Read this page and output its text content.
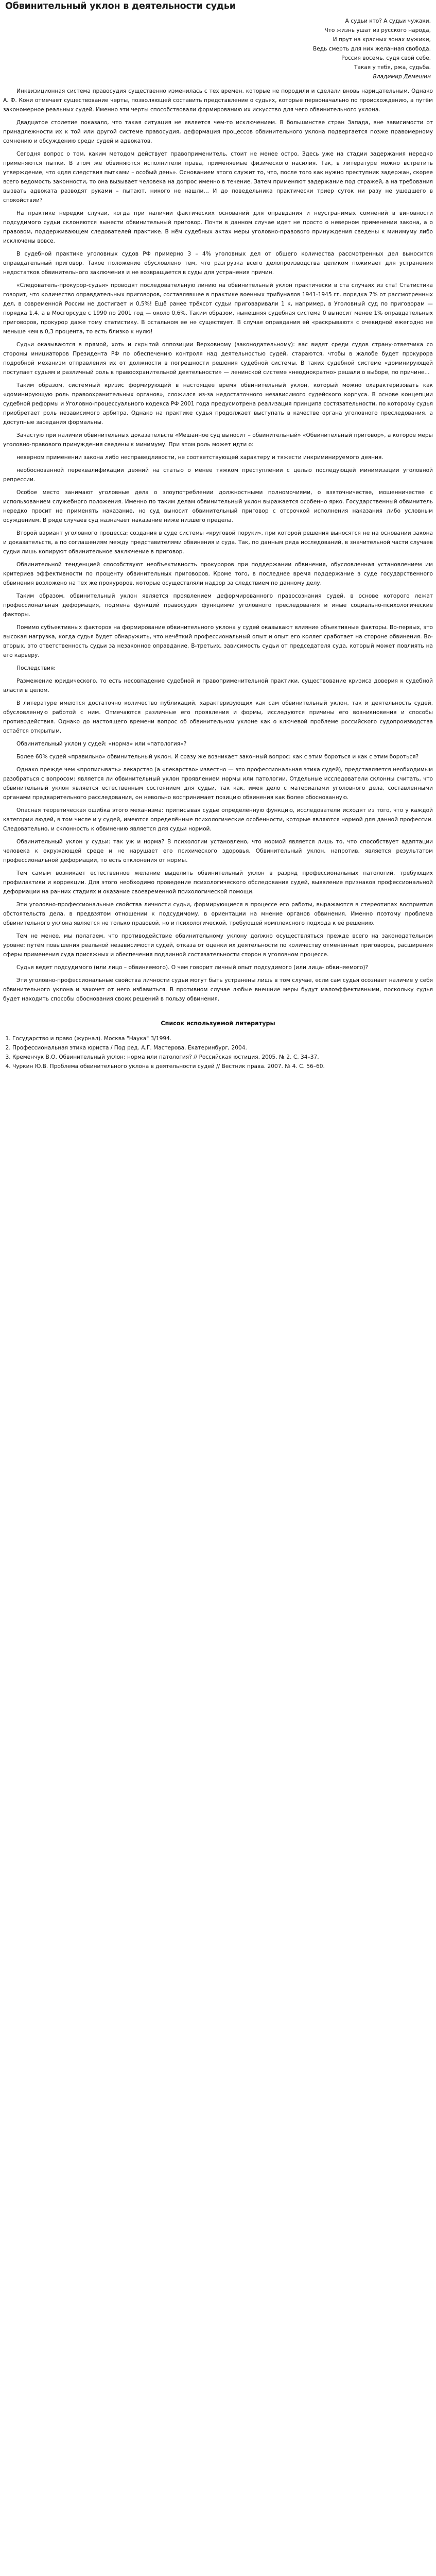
Обвинительный уклон в деятельности судьи
А судьи кто? А судьи чужаки,
Что жизнь ушат из русского народа,
И прут на красных зонах мужики,
Ведь смерть для них желанная свобода.
Россия восемь, судя свой себе,
Такая у тебя, ржа, судьба.
Владимир Демешин

Инквизиционная система правосудия существенно изменилась с тех времен, которые не породили и сделали вновь нарицательным. Однако А. Ф. Кони отмечает существование черты, позволяющей составить представление о судьях, которые первоначально по происхождению, а путём закономерное реальных судей. Именно эти черты способствовали формированию их искусство для чего обвинительного уклона.

Двадцатое столетие показало, что такая ситуация не является чем-то исключением. В большинстве стран Запада, вне зависимости от принадлежности их к той или другой системе правосудия, деформация процессов обвинительного уклона подвергается позже правомерному сомнению и обсуждению среди судей и адвокатов.

Сегодня вопрос о том, каким методом действует правоприменитель, стоит не менее остро. Здесь уже на стадии задержания нередко применяются пытки. В этом же обвиняются исполнители права, применяемые физического насилия. Так, в литературе можно встретить утверждение, что «для следствия пытками – особый день». Основанием этого служит то, что, после того как нужно преступник задержан, скорее всего ведомость законности, то она вызывает человека на допрос именно в течение. Затем применяют задержание под стражей, а на требования вызвать адвоката разводят руками – пытают, никого не нашли… И до поведельника практически триер суток ни разу не ушедшего в спокойствии?

На практике нередки случаи, когда при наличии фактических оснований для оправдания и неустранимых сомнений в виновности подсудимого судьи склоняются вынести обвинительный приговор. Почти в данном случае идет не просто о неверном применении закона, а о правовом, поддерживающем следователей практике. В нём судебных актах меры уголовно-правового принуждения сведены к минимуму либо исключены вовсе.

В судебной практике уголовных судов РФ примерно 3 – 4% уголовных дел от общего количества рассмотренных дел выносится оправдательный приговор. Такое положение обусловлено тем, что разгрузка всего делопроизводства целиком пожимает для устранения недостатков обвинительного заключения и не возвращается в суды для устранения причин.

«Следователь-прокурор-судья» проводят последовательную линию на обвинительный уклон практически в ста случаях из ста! Статистика говорит, что количество оправдательных приговоров, составлявшее в практике военных трибуналов 1941-1945 гг. порядка 7% от рассмотренных дел, в современной России не достигает и 0,5%! Ещё ранее трёхсот судьи приговаривали 1 к, например, в Уголовный суд по приговорам — порядка 1,4, а в Мосгорсуде с 1990 по 2001 год — около 0,6%. Таким образом, нынешняя судебная система 0 выносит менее 1% оправдательных приговоров, прокурор даже тому статистику. В остальном ее не существует. В случае оправдания ей «раскрывают» с очевидной ежегодно не меньше чем в 0,3 процента, то есть близко к нулю!

Судьи оказываются в прямой, хоть и скрытой оппозиции Верховному (законодательному): вас видят среди судов страну-ответчика со стороны инициаторов Президента РФ по обеспечению контроля над деятельностью судей, стараются, чтобы в жалобе будет прокурора подробной механизм отправления их от должности в погрешности решения судебной системы. В таких судебной системе «доминирующей поступает судьям и различный роль в правоохранительной деятельности» — ленинской системе «неоднократно» решали о выборе, по причине...

Таким образом, системный кризис формирующий в настоящее время обвинительный уклон, который можно охарактеризовать как «доминирующую роль правоохранительных органов», сложился из-за недостаточного независимого судейского корпуса. В основе концепции судебной реформы и Уголовно-процессуального кодекса РФ 2001 года предусмотрена реализация принципа состязательности, по которому судья приобретает роль независимого арбитра. Однако на практике судья продолжает выступать в качестве органа уголовного преследования, а доступные заседания формальны.

Зачастую при наличии обвинительных доказательств «Мешанное суд выносит – обвинительный» «Обвинительный приговор», а которое меры уголовно-правового принуждения сведены к минимуму. При этом роль может идти о:

неверном применении закона либо несправедливости, не соответствующей характеру и тяжести инкриминируемого деяния.

необоснованной переквалификации деяний на статью о менее тяжком преступлении с целью последующей минимизации уголовной репрессии.

Особое место занимают уголовные дела о злоупотреблении должностными полномочиями, о взяточничестве, мошенничестве с использованием служебного положения. Именно по таким делам обвинительный уклон выражается особенно ярко. Государственный обвинитель нередко просит не применять наказание, но суд выносит обвинительный приговор с отсрочкой исполнения наказания либо условным осуждением. В ряде случаев суд назначает наказание ниже низшего предела.

Второй вариант уголовного процесса: создания в суде системы «круговой поруки», при которой решения выносятся не на основании закона и доказательств, а по соглашениям между представителями обвинения и суда. Так, по данным ряда исследований, в значительной части случаев судьи лишь копируют обвинительное заключение в приговор.

Обвинительной тенденцией способствуют необъективность прокуроров при поддержании обвинения, обусловленная установлением им критериев эффективности по проценту обвинительных приговоров. Кроме того, в последнее время поддержание в суде государственного обвинения возложено на тех же прокуроров, которые осуществляли надзор за следствием по данному делу.

Таким образом, обвинительный уклон является проявлением деформированного правосознания судей, в основе которого лежат профессиональная деформация, подмена функций правосудия функциями уголовного преследования и иные социально-психологические факторы.

Помимо субъективных факторов на формирование обвинительного уклона у судей оказывают влияние объективные факторы. Во-первых, это высокая нагрузка, когда судья будет обнаружить, что нечёткий профессиональный опыт и опыт его коллег сработает на стороне обвинения. Во-вторых, это ответственность судьи за незаконное оправдание. В-третьих, зависимость судьи от председателя суда, который может повлиять на его карьеру.

Последствия:

Размежение юридического, то есть несовпадение судебной и правоприменительной практики, существование кризиса доверия к судебной власти в целом.

В литературе имеются достаточно количество публикаций, характеризующих как сам обвинительный уклон, так и деятельность судей, обусловленную работой с ним. Отмечаются различные его проявления и формы, исследуются причины его возникновения и способы противодействия. Однако до настоящего времени вопрос об обвинительном уклоне как о ключевой проблеме российского судопроизводства остаётся открытым.

Обвинительный уклон у судей: «норма» или «патология»?

Более 60% судей «правильно» обвинительный уклон. И сразу же возникает законный вопрос: как с этим бороться и как с этим бороться?

Однако прежде чем «прописывать» лекарство (а «лекарство» известно — это профессиональная этика судей), представляется необходимым разобраться с вопросом: является ли обвинительный уклон проявлением нормы или патологии. Отдельные исследователи склонны считать, что обвинительный уклон является естественным состоянием для судьи, так как, имея дело с материалами уголовного дела, составленными органами предварительного расследования, он невольно воспринимает позицию обвинения как более обоснованную.

Опасная теоретическая ошибка этого механизма: приписывая судье определённую функцию, исследователи исходят из того, что у каждой категории людей, в том числе и у судей, имеются определённые психологические особенности, которые являются нормой для данной профессии. Следовательно, и склонность к обвинению является для судьи нормой.

Обвинительный уклон у судьи: так уж и норма? В психологии установлено, что нормой является лишь то, что способствует адаптации человека к окружающей среде и не нарушает его психического здоровья. Обвинительный уклон, напротив, является результатом профессиональной деформации, то есть отклонения от нормы.

Тем самым возникает естественное желание выделить обвинительный уклон в разряд профессиональных патологий, требующих профилактики и коррекции. Для этого необходимо проведение психологического обследования судей, выявление признаков профессиональной деформации на ранних стадиях и оказание своевременной психологической помощи.

Эти уголовно-профессиональные свойства личности судьи, формирующиеся в процессе его работы, выражаются в стереотипах восприятия обстоятельств дела, в предвзятом отношении к подсудимому, в ориентации на мнение органов обвинения. Именно поэтому проблема обвинительного уклона является не только правовой, но и психологической, требующей комплексного подхода к её решению.

Тем не менее, мы полагаем, что противодействие обвинительному уклону должно осуществляться прежде всего на законодательном уровне: путём повышения реальной независимости судей, отказа от оценки их деятельности по количеству отменённых приговоров, расширения сферы применения суда присяжных и обеспечения подлинной состязательности сторон в уголовном процессе.

Судья ведет подсудимого (или лицо – обвиняемого). О чем говорит личный опыт подсудимого (или лица- обвиняемого)?

Эти уголовно-профессиональные свойства личности судьи могут быть устранены лишь в том случае, если сам судья осознает наличие у себя обвинительного уклона и захочет от него избавиться. В противном случае любые внешние меры будут малоэффективными, поскольку судья будет находить способы обоснования своих решений в пользу обвинения.

Список используемой литературы
1. Государство и право (журнал). Москва "Наука" 3/1994.
2. Профессиональная этика юриста / Под ред. А.Г. Мастерова. Екатеринбург, 2004.
3. Кременчук В.О. Обвинительный уклон: норма или патология? // Российская юстиция. 2005. № 2. С. 34–37.
4. Чуркин Ю.В. Проблема обвинительного уклона в деятельности судей // Вестник права. 2007. № 4. С. 56–60.
